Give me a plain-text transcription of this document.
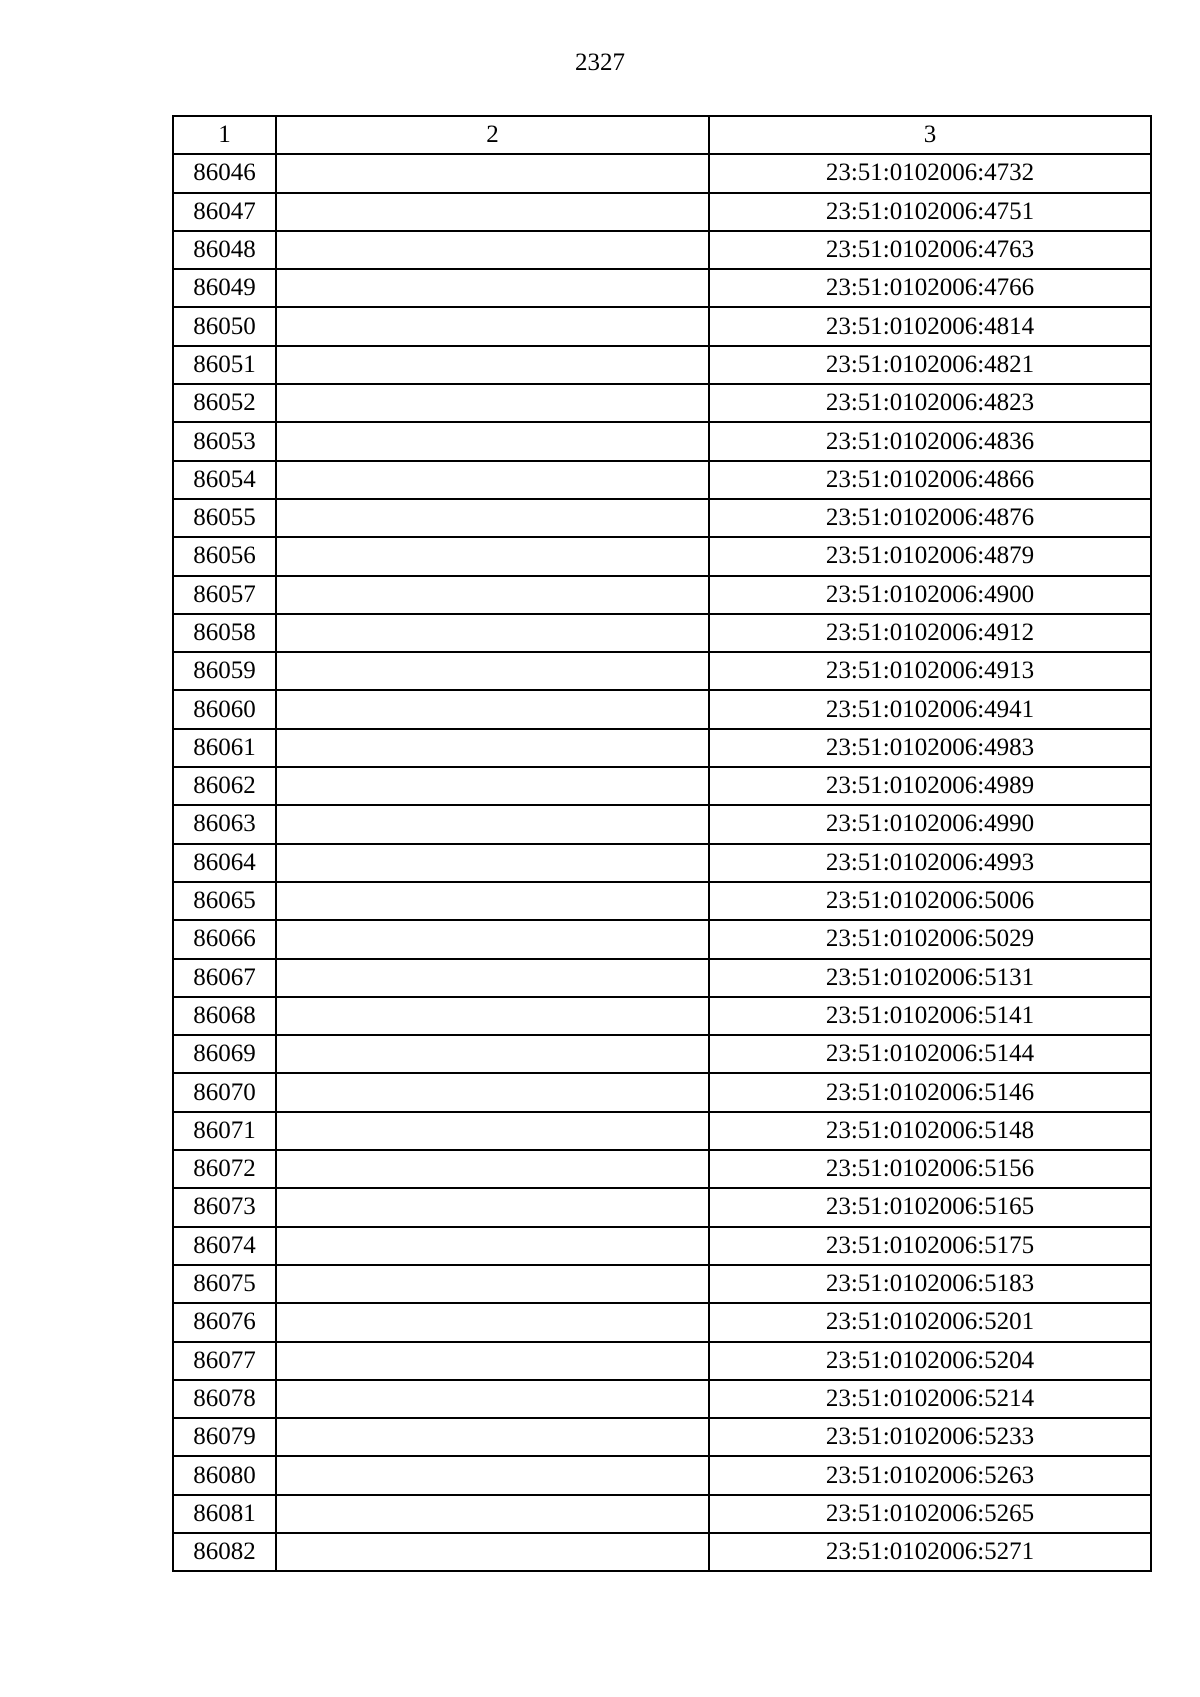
2327
1	2	3
86046		23:51:0102006:4732
86047		23:51:0102006:4751
86048		23:51:0102006:4763
86049		23:51:0102006:4766
86050		23:51:0102006:4814
86051		23:51:0102006:4821
86052		23:51:0102006:4823
86053		23:51:0102006:4836
86054		23:51:0102006:4866
86055		23:51:0102006:4876
86056		23:51:0102006:4879
86057		23:51:0102006:4900
86058		23:51:0102006:4912
86059		23:51:0102006:4913
86060		23:51:0102006:4941
86061		23:51:0102006:4983
86062		23:51:0102006:4989
86063		23:51:0102006:4990
86064		23:51:0102006:4993
86065		23:51:0102006:5006
86066		23:51:0102006:5029
86067		23:51:0102006:5131
86068		23:51:0102006:5141
86069		23:51:0102006:5144
86070		23:51:0102006:5146
86071		23:51:0102006:5148
86072		23:51:0102006:5156
86073		23:51:0102006:5165
86074		23:51:0102006:5175
86075		23:51:0102006:5183
86076		23:51:0102006:5201
86077		23:51:0102006:5204
86078		23:51:0102006:5214
86079		23:51:0102006:5233
86080		23:51:0102006:5263
86081		23:51:0102006:5265
86082		23:51:0102006:5271
